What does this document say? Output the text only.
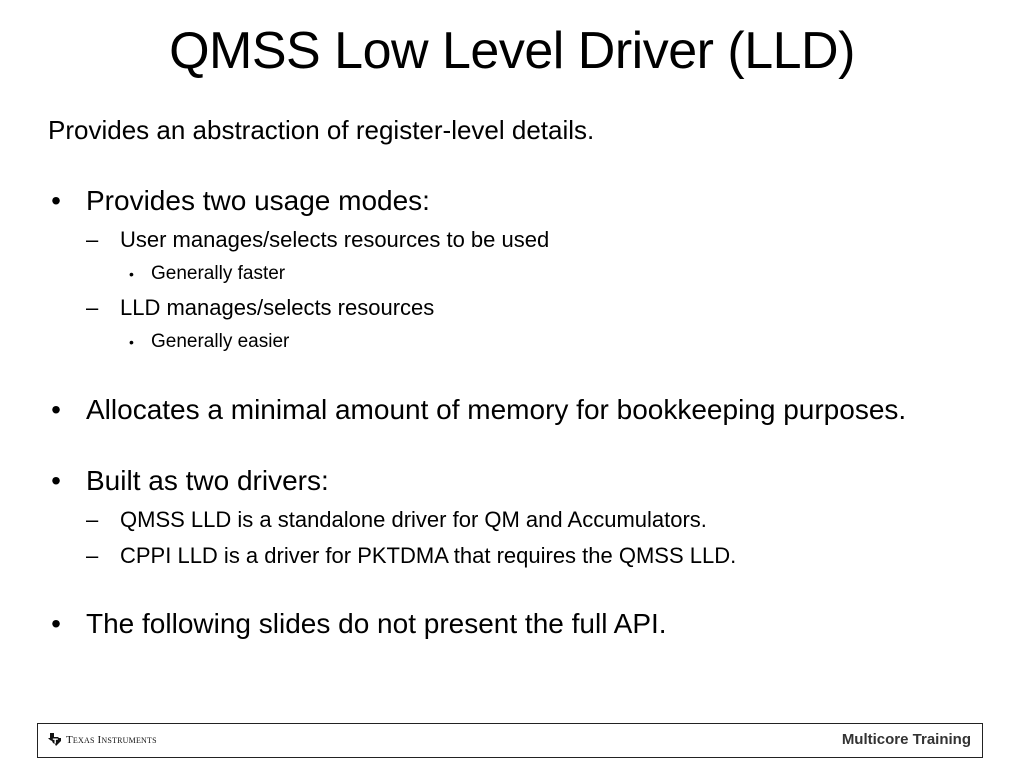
QMSS Low Level Driver (LLD)
Provides an abstraction of register-level details.
• Provides two usage modes:
– User manages/selects resources to be used
• Generally faster
– LLD manages/selects resources
• Generally easier
• Allocates a minimal amount of memory for bookkeeping purposes.
• Built as two drivers:
– QMSS LLD is a standalone driver for QM and Accumulators.
– CPPI LLD is a driver for PKTDMA that requires the QMSS LLD.
• The following slides do not present the full API.
Texas Instruments	Multicore Training
